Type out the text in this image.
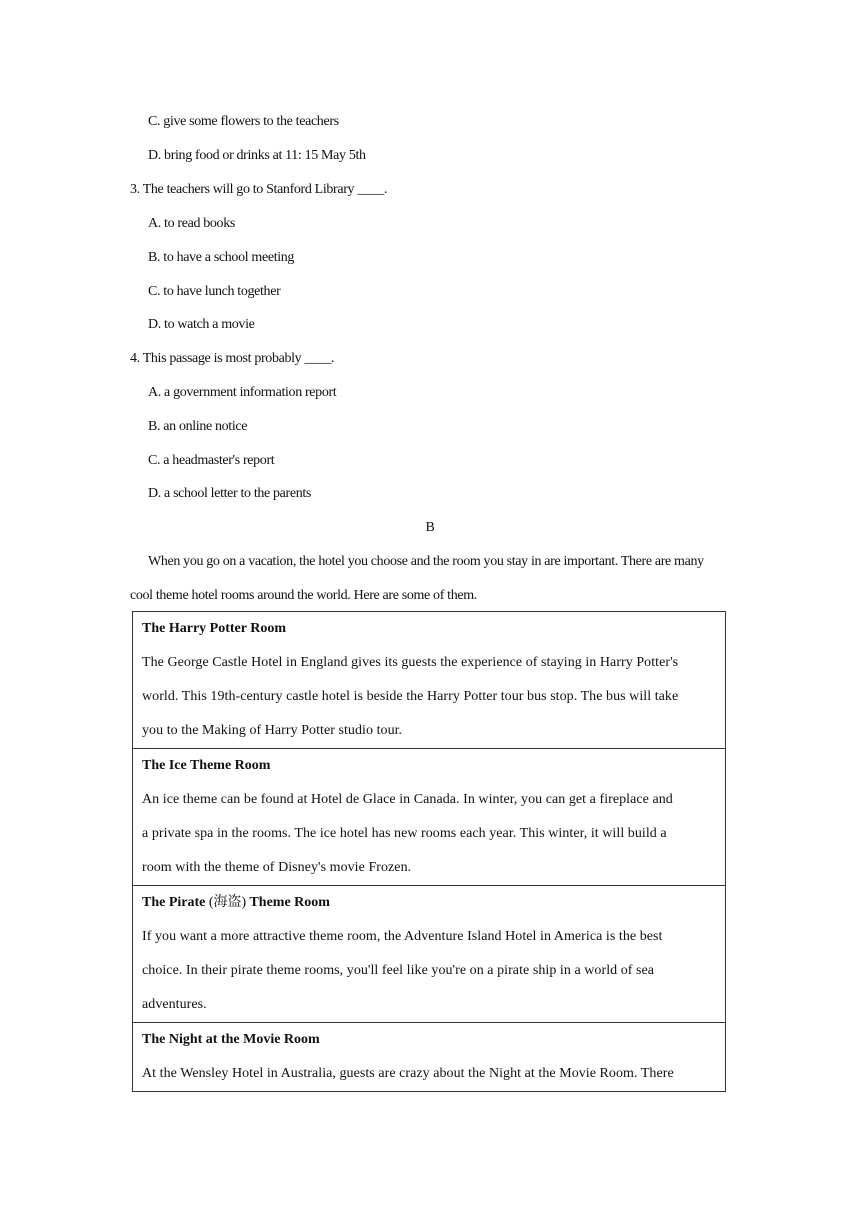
C. give some flowers to the teachers
D. bring food or drinks at 11: 15 May 5th
3. The teachers will go to Stanford Library ____.
A. to read books
B. to have a school meeting
C. to have lunch together
D. to watch a movie
4. This passage is most probably ____.
A. a government information report
B. an online notice
C. a headmaster's report
D. a school letter to the parents
B
When you go on a vacation, the hotel you choose and the room you stay in are important. There are many
cool theme hotel rooms around the world. Here are some of them.
The Harry Potter Room
The George Castle Hotel in England gives its guests the experience of staying in Harry Potter's
world. This 19th-century castle hotel is beside the Harry Potter tour bus stop. The bus will take
you to the Making of Harry Potter studio tour.
The Ice Theme Room
An ice theme can be found at Hotel de Glace in Canada. In winter, you can get a fireplace and
a private spa in the rooms. The ice hotel has new rooms each year. This winter, it will build a
room with the theme of Disney's movie Frozen.
The Pirate (海盗) Theme Room
If you want a more attractive theme room, the Adventure Island Hotel in America is the best
choice. In their pirate theme rooms, you'll feel like you're on a pirate ship in a world of sea
adventures.
The Night at the Movie Room
At the Wensley Hotel in Australia, guests are crazy about the Night at the Movie Room. There
